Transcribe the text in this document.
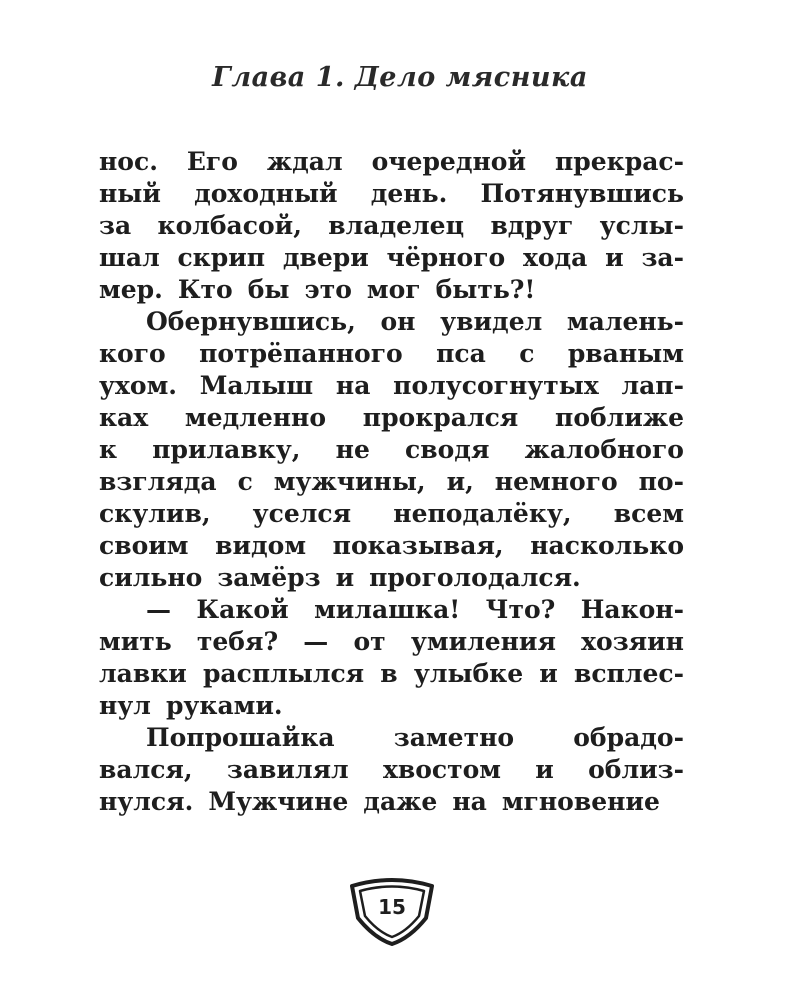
Глава 1. Дело мясника
нос. Его ждал очередной прекрас-
ный доходный день. Потянувшись
за колбасой, владелец вдруг услы-
шал скрип двери чёрного хода и за-
мер. Кто бы это мог быть?!
Обернувшись, он увидел малень-
кого потрёпанного пса с рваным
ухом. Малыш на полусогнутых лап-
ках медленно прокрался поближе
к прилавку, не сводя жалобного
взгляда с мужчины, и, немного по-
скулив, уселся неподалёку, всем
своим видом показывая, насколько
сильно замёрз и проголодался.
— Какой милашка! Что? Након-
мить тебя? — от умиления хозяин
лавки расплылся в улыбке и всплес-
нул руками.
Попрошайка заметно обрадо-
вался, завилял хвостом и облиз-
нулся. Мужчине даже на мгновение
15
